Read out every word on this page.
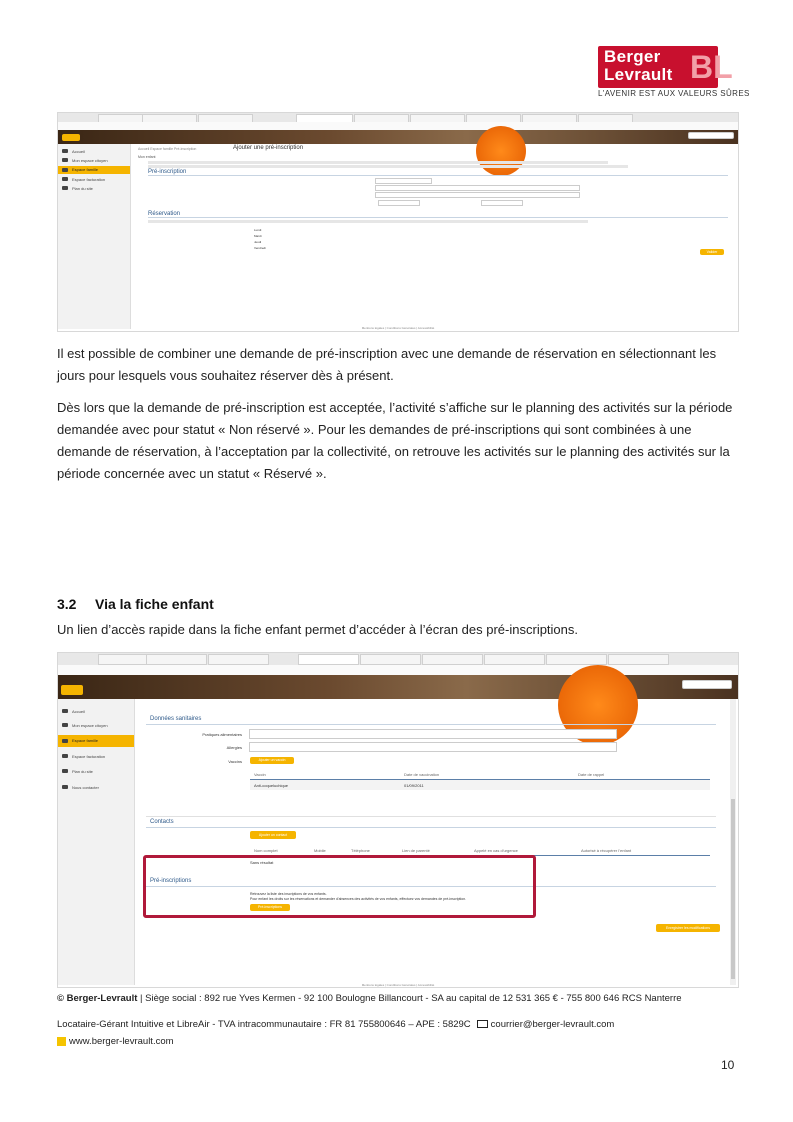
Berger
Levrault BL
L'AVENIR EST AUX VALEURS SÛRES
Accueil
Mon espace citoyen
Espace famille
Espace facturation
Plan du site
Accueil Espace famille Pré-inscription	Ajouter une pré-inscription
Mon enfant
Pré-inscription
Réservation
Lundi
Mardi
Jeudi
Vendredi
Valider
Mentions légales | Conditions Générales | Accessibilité
Il est possible de combiner une demande de pré-inscription avec une demande de réservation en sélectionnant les jours pour lesquels vous souhaitez réserver dès à présent.
Dès lors que la demande de pré-inscription est acceptée, l’activité s’affiche sur le planning des activités sur la période demandée avec pour statut « Non réservé ». Pour les demandes de pré-inscriptions qui sont combinées à une demande de réservation, à l’acceptation par la collectivité, on retrouve les activités sur le planning des activités sur la période concernée avec un statut « Réservé ».
3.2 Via la fiche enfant
Un lien d’accès rapide dans la fiche enfant permet d’accéder à l’écran des pré-inscriptions.
Accueil
Mon espace citoyen
Espace famille
Espace facturation
Plan du site
Nous contacter
Données sanitaires
Pratiques alimentaires
Allergies
Vaccins	Ajouter un vaccin
Vaccin	Date de vaccination	Date de rappel
Anti-coqueluchique	01/09/2011
Contacts
Ajouter un contact
Nom complet	Mobile	Téléphone	Lien de parenté	Appelé en cas d'urgence	Autorisé à récupérer l'enfant
Sans résultat
Pré-inscriptions
Retrouvez la liste des inscriptions de vos enfants.
Pour enfant les droits sur les réservations et demander d'absences des activités de vos enfants, effectuez vos demandes de pré-inscription.
Pré-inscriptions
Enregistrer les modifications
Mentions légales | Conditions Générales | Accessibilité
© Berger-Levrault | Siège social : 892 rue Yves Kermen - 92 100 Boulogne Billancourt - SA au capital de 12 531 365 € - 755 800 646 RCS Nanterre
Locataire-Gérant Intuitive et LibreAir - TVA intracommunautaire : FR 81 755800646 – APE : 5829C courrier@berger-levrault.com
www.berger-levrault.com
10
